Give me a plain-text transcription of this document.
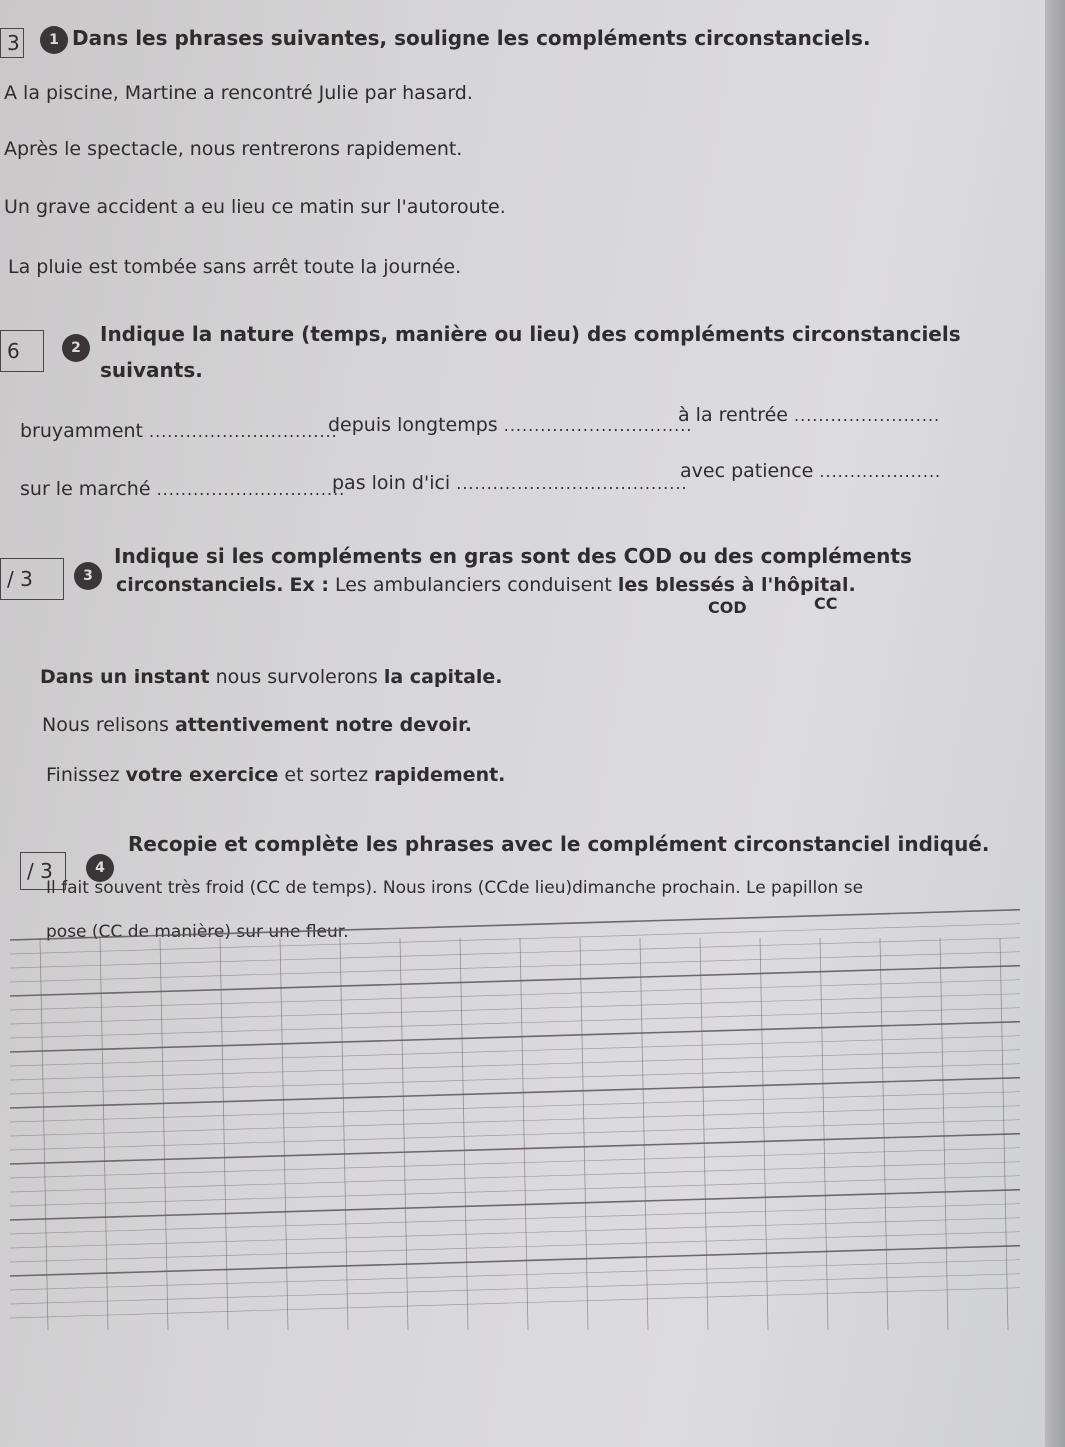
3	1 Dans les phrases suivantes, souligne les compléments circonstanciels.
A la piscine, Martine a rencontré Julie par hasard.
Après le spectacle, nous rentrerons rapidement.
Un grave accident a eu lieu ce matin sur l'autoroute.
La pluie est tombée sans arrêt toute la journée.
6	2
Indique la nature (temps, manière ou lieu) des compléments circonstanciels
suivants.
bruyamment ...............................
depuis longtemps ...............................
à la rentrée ........................
sur le marché ...............................
pas loin d'ici ......................................
avec patience ....................
/ 3	3
Indique si les compléments en gras sont des COD ou des compléments
circonstanciels. Ex : Les ambulanciers conduisent les blessés à l'hôpital.
COD	CC
Dans un instant nous survolerons la capitale.
Nous relisons attentivement notre devoir.
Finissez votre exercice et sortez rapidement.
/ 3	4
Recopie et complète les phrases avec le complément circonstanciel indiqué.
Il fait souvent très froid (CC de temps). Nous irons (CCde lieu)dimanche prochain. Le papillon se
pose (CC de manière) sur une fleur.
